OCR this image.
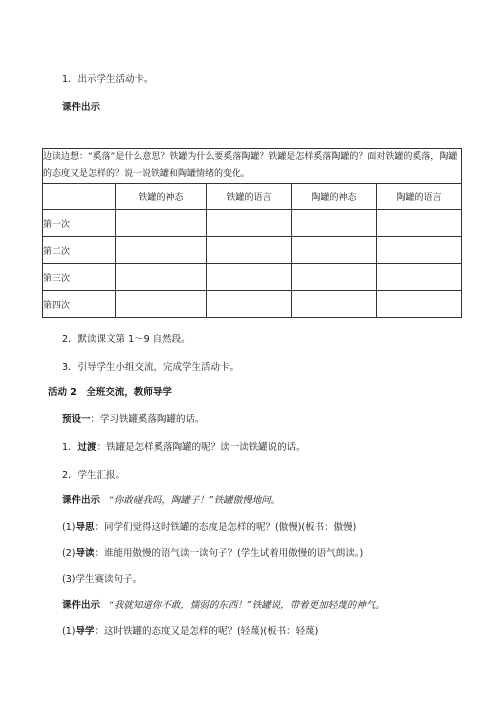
1．出示学生活动卡。
课件出示
边读边想：“奚落”是什么意思？铁罐为什么要奚落陶罐？铁罐是怎样奚落陶罐的？面对铁罐的奚落，陶罐的态度又是怎样的？说一说铁罐和陶罐情绪的变化。				
	铁罐的神态	铁罐的语言	陶罐的神态	陶罐的语言
第一次				
第二次				
第三次				
第四次				
2．默读课文第 1～9 自然段。
3．引导学生小组交流，完成学生活动卡。
活动 2　全班交流，教师导学
预设一：学习铁罐奚落陶罐的话。
1．过渡：铁罐是怎样奚落陶罐的呢？读一读铁罐说的话。
2．学生汇报。
课件出示 “你敢碰我吗，陶罐子！”铁罐傲慢地问。
(1)导思：同学们觉得这时铁罐的态度是怎样的呢？(傲慢)(板书：傲慢)
(2)导读：谁能用傲慢的语气读一读句子？(学生试着用傲慢的语气朗读。)
(3)学生赛读句子。
课件出示 “我就知道你不敢，懦弱的东西！”铁罐说，带着更加轻蔑的神气。
(1)导学：这时铁罐的态度又是怎样的呢？(轻蔑)(板书：轻蔑)
